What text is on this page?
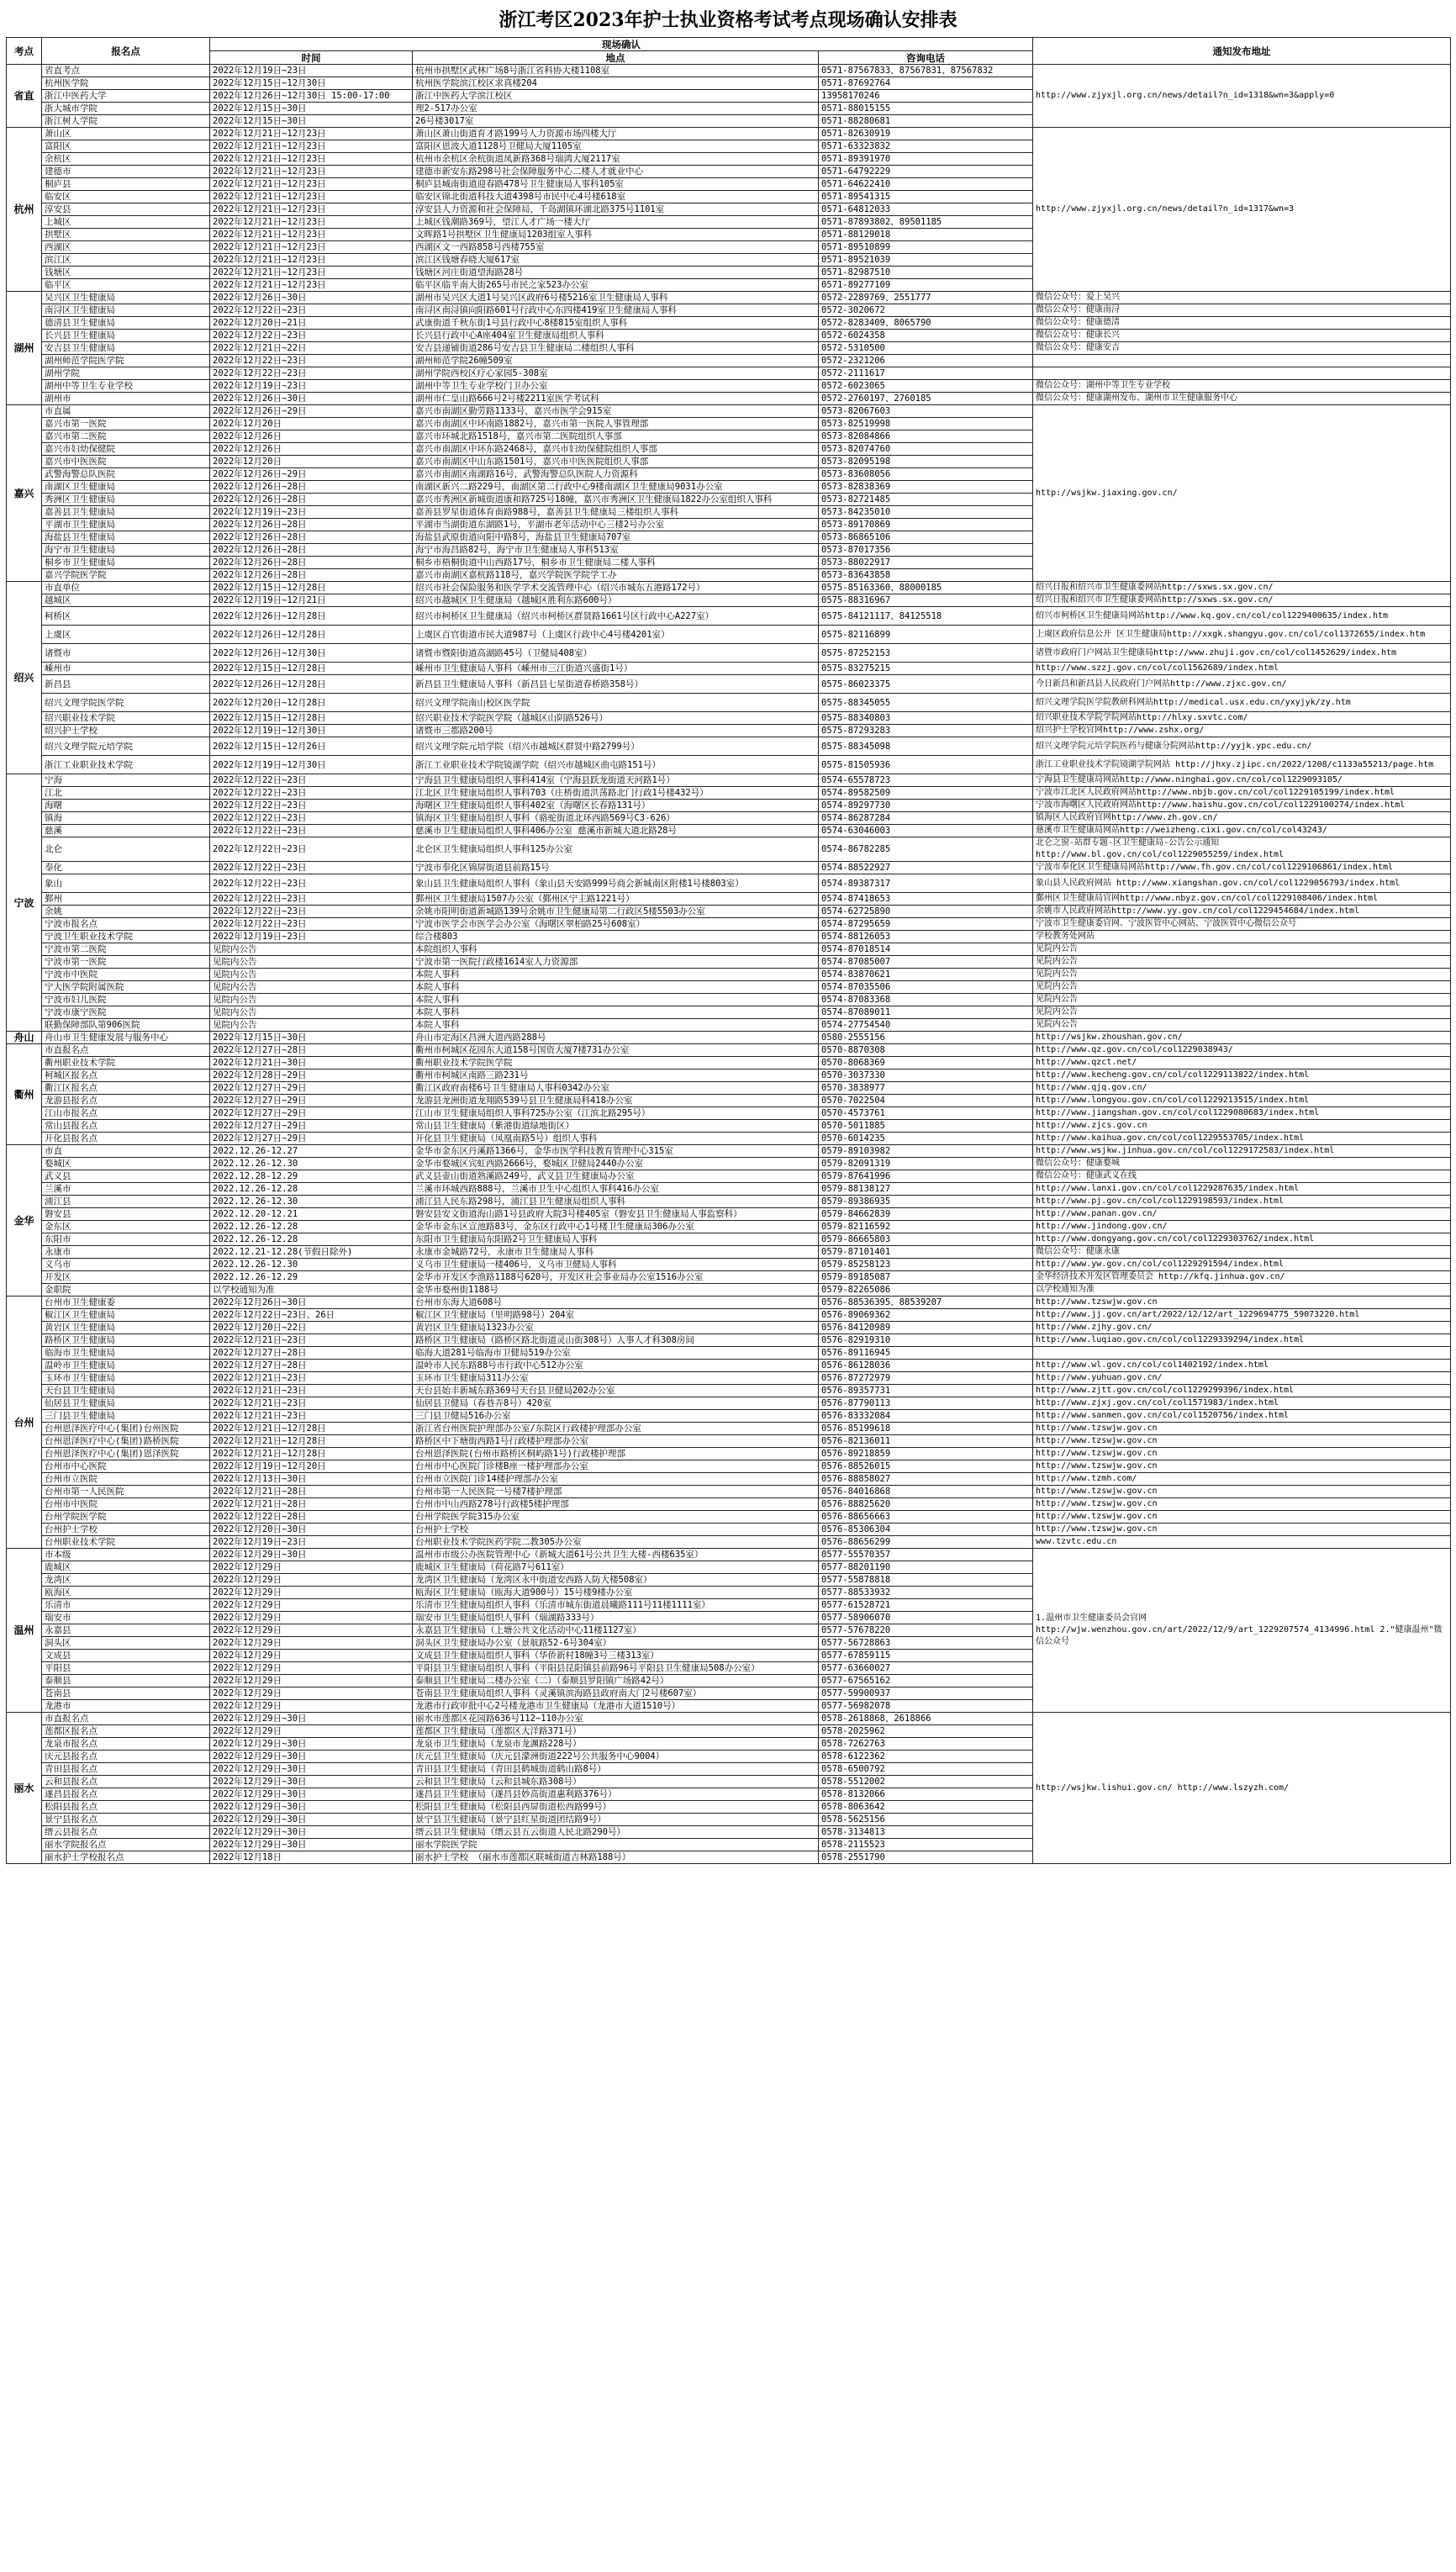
浙江考区2023年护士执业资格考试考点现场确认安排表
考点	报名点	现场确认			通知发布地址
		时间	地点	咨询电话	
省直	省直考点	2022年12月19日~23日	杭州市拱墅区武林广场8号浙江省科协大楼1108室	0571-87567833、87567831、87567832	http://www.zjyxjl.org.cn/news/detail?n_id=1318&wn=3&apply=0
	杭州医学院	2022年12月15日~12月30日	杭州医学院滨江校区求真楼204	0571-87692764	
	浙江中医药大学	2022年12月26日~12月30日 15:00-17:00	浙江中医药大学滨江校区	13958170246	
	浙大城市学院	2022年12月15日~30日	理2-517办公室	0571-88015155	
	浙江树人学院	2022年12月15日~30日	26号楼3017室	0571-88280681	
杭州	萧山区	2022年12月21日~12月23日	萧山区萧山街道育才路199号人力资源市场四楼大厅	0571-82630919	http://www.zjyxjl.org.cn/news/detail?n_id=1317&wn=3
	富阳区	2022年12月21日~12月23日	富阳区恩波大道1128号卫健局大厦1105室	0571-63323832	
	余杭区	2022年12月21日~12月23日	杭州市余杭区余杭街道凤新路368号瑞鸿大厦2117室	0571-89391970	
	建德市	2022年12月21日~12月23日	建德市新安东路298号社会保障服务中心二楼人才就业中心	0571-64792229	
	桐庐县	2022年12月21日~12月23日	桐庐县城南街道迎春路478号卫生健康局人事科105室	0571-64622410	
	临安区	2022年12月21日~12月23日	临安区锦北街道科技大道4398号市民中心4号楼618室	0571-89541315	
	淳安县	2022年12月21日~12月23日	淳安县人力资源和社会保障局，千岛湖镇环湖北路375号1101室	0571-64812033	
	上城区	2022年12月21日~12月23日	上城区钱潮路369号，望江人才广场一楼大厅	0571-87893802、89501185	
	拱墅区	2022年12月21日~12月23日	文晖路1号拱墅区卫生健康局1203组室人事科	0571-88129018	
	西湖区	2022年12月21日~12月23日	西湖区文一西路858号西楼755室	0571-89510899	
	滨江区	2022年12月21日~12月23日	滨江区钱塘春晓大厦617室	0571-89521039	
	钱塘区	2022年12月21日~12月23日	钱塘区河庄街道望海路28号	0571-82987510	
	临平区	2022年12月21日~12月23日	临平区临平南大街265号市民之家523办公室	0571-89277109	
湖州	吴兴区卫生健康局	2022年12月26日~30日	湖州市吴兴区大道1号吴兴区政府6号楼5216室卫生健康局人事科	0572-2289769、2551777	微信公众号：爱上吴兴
	南浔区卫生健康局	2022年12月22日~23日	南浔区南浔镇向阳路601号行政中心东四楼419室卫生健康局人事科	0572-3020672	微信公众号：健康南浔
	德清县卫生健康局	2022年12月20日~21日	武康街道千秋东街1号县行政中心8楼815室组织人事科	0572-8283409、8065790	微信公众号：健康德清
	长兴县卫生健康局	2022年12月22日~23日	长兴县行政中心A座404室卫生健康局组织人事科	0572-6024358	微信公众号：健康长兴
	安吉县卫生健康局	2022年12月21日~22日	安吉县递铺街道286号安吉县卫生健康局二楼组织人事科	0572-5310500	微信公众号：健康安吉
	湖州师范学院医学院	2022年12月22日~23日	湖州师范学院26幢509室	0572-2321206	
	湖州学院	2022年12月22日~23日	湖州学院西校区疗心家园5-308室	0572-2111617	
	湖州中等卫生专业学校	2022年12月19日~23日	湖州中等卫生专业学校门卫办公室	0572-6023065	微信公众号：湖州中等卫生专业学校
	湖州市	2022年12月26日~30日	湖州市仁皇山路666号2号楼2211室医学考试科	0572-2760197、2760185	微信公众号：健康湖州发布、湖州市卫生健康服务中心
嘉兴	市直属	2022年12月26日~29日	嘉兴市南湖区勤劳路1133号，嘉兴市医学会915室	0573-82067603	http://wsjkw.jiaxing.gov.cn/
	嘉兴市第一医院	2022年12月20日	嘉兴市南湖区中环南路1882号，嘉兴市第一医院人事管理部	0573-82519998	
	嘉兴市第二医院	2022年12月26日	嘉兴市环城北路1518号，嘉兴市第二医院组织人事部	0573-82084866	
	嘉兴市妇幼保健院	2022年12月26日	嘉兴市南湖区中环东路2468号，嘉兴市妇幼保健院组织人事部	0573-82074760	
	嘉兴市中医医院	2022年12月20日	嘉兴市南湖区中山东路1501号，嘉兴市中医医院组织人事部	0573-82095198	
	武警海警总队医院	2022年12月26日~29日	嘉兴市南湖区南湖路16号，武警海警总队医院人力资源科	0573-83608056	
	南湖区卫生健康局	2022年12月26日~28日	南湖区新兴二路229号，南湖区第二行政中心9楼南湖区卫生健康局9031办公室	0573-82838369	
	秀洲区卫生健康局	2022年12月26日~28日	嘉兴市秀洲区新城街道康和路725号18幢，嘉兴市秀洲区卫生健康局1822办公室组织人事科	0573-82721485	
	嘉善县卫生健康局	2022年12月19日~23日	嘉善县罗星街道体育南路988号，嘉善县卫生健康局三楼组织人事科	0573-84235010	
	平湖市卫生健康局	2022年12月26日~28日	平湖市当湖街道东湖路1号，平湖市老年活动中心三楼2号办公室	0573-89170869	
	海盐县卫生健康局	2022年12月26日~28日	海盐县武原街道向阳中路8号，海盐县卫生健康局707室	0573-86865106	
	海宁市卫生健康局	2022年12月26日~28日	海宁市海昌路82号，海宁市卫生健康局人事科513室	0573-87017356	
	桐乡市卫生健康局	2022年12月26日~28日	桐乡市梧桐街道中山西路17号，桐乡市卫生健康局二楼人事科	0573-88022917	
	嘉兴学院医学院	2022年12月26日~28日	嘉兴市南湖区嘉杭路118号，嘉兴学院医学院学工办	0573-83643858	
绍兴	市直单位	2022年12月15日~12月28日	绍兴市社会保险服务和医学学术交流管理中心（绍兴市城东五港路172号）	0575-85163360、88000185	绍兴日报和绍兴市卫生健康委网站http://sxws.sx.gov.cn/
	越城区	2022年12月19日~12月21日	绍兴市越城区卫生健康局（越城区胜利东路600号）	0575-88316967	绍兴日报和绍兴市卫生健康委网站http://sxws.sx.gov.cn/
	柯桥区	2022年12月26日~12月28日	绍兴市柯桥区卫生健康局（绍兴市柯桥区群贤路1661号区行政中心A227室）	0575-84121117、84125518	绍兴市柯桥区卫生健康局网站http://www.kq.gov.cn/col/col1229400635/index.htm
	上虞区	2022年12月26日~12月28日	上虞区百官街道市民大道987号（上虞区行政中心4号楼4201室）	0575-82116899	上虞区政府信息公开 区卫生健康局http://xxgk.shangyu.gov.cn/col/col1372655/index.htm
	诸暨市	2022年12月26日~12月30日	诸暨市暨阳街道高湖路45号（卫健局408室）	0575-87252153	诸暨市政府门户网站卫生健康局http://www.zhuji.gov.cn/col/col1452629/index.htm
	嵊州市	2022年12月15日~12月28日	嵊州市卫生健康局人事科（嵊州市三江街道兴盛街1号）	0575-83275215	http://www.szzj.gov.cn/col/col1562689/index.html
	新昌县	2022年12月26日~12月28日	新昌县卫生健康局人事科（新昌县七星街道春桥路358号）	0575-86023375	今日新昌和新昌县人民政府门户网站http://www.zjxc.gov.cn/
	绍兴文理学院医学院	2022年12月20日~12月28日	绍兴文理学院南山校区医学院	0575-88345055	绍兴文理学院医学院教研科网站http://medical.usx.edu.cn/yxyjyk/zy.htm
	绍兴职业技术学院	2022年12月15日~12月28日	绍兴职业技术学院医学院（越城区山阴路526号）	0575-88340803	绍兴职业技术学院学院网站http://hlxy.sxvtc.com/
	绍兴护士学校	2022年12月19日~12月30日	诸暨市三都路200号	0575-87293283	绍兴护士学校官网http://www.zshx.org/
	绍兴文理学院元培学院	2022年12月15日~12月26日	绍兴文理学院元培学院（绍兴市越城区群贤中路2799号）	0575-88345098	绍兴文理学院元培学院医药与健康分院网站http://yyjk.ypc.edu.cn/
	浙江工业职业技术学院	2022年12月19日~12月30日	浙江工业职业技术学院镜湖学院（绍兴市越城区曲屯路151号）	0575-81505936	浙江工业职业技术学院镜湖学院网站 http://jhxy.zjipc.cn/2022/1208/c1133a55213/page.htm
宁波	宁海	2022年12月22日~23日	宁海县卫生健康局组织人事科414室（宁海县跃龙街道天河路1号）	0574-65578723	宁海县卫生健康局网站http://www.ninghai.gov.cn/col/col1229093105/
	江北	2022年12月22日~23日	江北区卫生健康局组织人事科703（庄桥街道洪荡路北门行政1号楼432号）	0574-89582509	宁波市江北区人民政府网站http://www.nbjb.gov.cn/col/col1229105199/index.html
	海曙	2022年12月22日~23日	海曙区卫生健康局组织人事科402室（海曙区长春路131号）	0574-89297730	宁波市海曙区人民政府网站http://www.haishu.gov.cn/col/col1229100274/index.html
	镇海	2022年12月22日~23日	镇海区卫生健康局组织人事科（骆驼街道北环西路569号C3-626）	0574-86287284	镇海区人民政府官网http://www.zh.gov.cn/
	慈溪	2022年12月22日~23日	慈溪市卫生健康局组织人事科406办公室 慈溪市新城大道北路28号	0574-63046003	慈溪市卫生健康局网站http://weizheng.cixi.gov.cn/col/col43243/
	北仑	2022年12月22日~23日	北仑区卫生健康局组织人事科125办公室	0574-86782285	北仑之窗-站群专题-区卫生健康局-公告公示通知 http://www.bl.gov.cn/col/col1229055259/index.html
	奉化	2022年12月22日~23日	宁波市奉化区锦屏街道县前路15号	0574-88522927	宁波市奉化区卫生健康局网站http://www.fh.gov.cn/col/col1229106861/index.html
	象山	2022年12月22日~23日	象山县卫生健康局组织人事科（象山县天安路999号商会新城南区附楼1号楼803室）	0574-89387317	象山县人民政府网站 http://www.xiangshan.gov.cn/col/col1229056793/index.html
	鄞州	2022年12月22日~23日	鄞州区卫生健康局1507办公室（鄞州区宁主路1221号）	0574-87418653	鄞州区卫生健康局官网http://www.nbyz.gov.cn/col/col1229108406/index.html
	余姚	2022年12月22日~23日	余姚市阳明街道新城路139号余姚市卫生健康局第二行政区5楼5503办公室	0574-62725890	余姚市人民政府网站http://www.yy.gov.cn/col/col1229454684/index.html
	宁波市报名点	2022年12月22日~23日	宁波市医学会市医学会办公室（海曙区翠柏路25号608室）	0574-87295659	宁波市卫生健康委官网、宁波医管中心网站、宁波医管中心微信公众号
	宁波卫生职业技术学院	2022年12月19日~23日	综合楼803	0574-88126053	学校教务处网站
	宁波市第二医院	见院内公告	本院组织人事科	0574-87018514	见院内公告
	宁波市第一医院	见院内公告	宁波市第一医院行政楼1614室人力资源部	0574-87085007	见院内公告
	宁波市中医院	见院内公告	本院人事科	0574-83870621	见院内公告
	宁大医学院附属医院	见院内公告	本院人事科	0574-87035506	见院内公告
	宁波市妇儿医院	见院内公告	本院人事科	0574-87083368	见院内公告
	宁波市康宁医院	见院内公告	本院人事科	0574-87089011	见院内公告
	联勤保障部队第906医院	见院内公告	本院人事科	0574-27754540	见院内公告
舟山	舟山市卫生健康发展与服务中心	2022年12月15日~30日	舟山市定海区昌洲大道西路288号	0580-2555156	http://wsjkw.zhoushan.gov.cn/
衢州	市直报名点	2022年12月27日~28日	衢州市柯城区花园东大道158号国资大厦7楼731办公室	0570-8870308	http://www.qz.gov.cn/col/col1229038943/
	衢州职业技术学院	2022年12月21日~30日	衢州职业技术学院医学院	0570-8068369	http://www.qzct.net/
	柯城区报名点	2022年12月28日~29日	衢州市柯城区南路三路231号	0570-3037330	http://www.kecheng.gov.cn/col/col1229113822/index.html
	衢江区报名点	2022年12月27日~29日	衢江区政府南楼6号卫生健康局人事科0342办公室	0570-3838977	http://www.qjq.gov.cn/
	龙游县报名点	2022年12月27日~29日	龙游县龙洲街道龙翔路539号县卫生健康局科418办公室	0570-7022504	http://www.longyou.gov.cn/col/col1229213515/index.html
	江山市报名点	2022年12月27日~29日	江山市卫生健康局组织人事科725办公室（江滨北路295号）	0570-4573761	http://www.jiangshan.gov.cn/col/col1229080683/index.html
	常山县报名点	2022年12月27日~29日	常山县卫生健康局（紫港街道绿地街区）	0570-5011885	http://www.zjcs.gov.cn
	开化县报名点	2022年12月27日~29日	开化县卫生健康局（凤凰南路5号）组织人事科	0570-6014235	http://www.kaihua.gov.cn/col/col1229553705/index.html
金华	市直	2022.12.26-12.27	金华市金东区丹溪路1366号，金华市医学科技教育管理中心315室	0579-89103982	http://www.wsjkw.jinhua.gov.cn/col/col1229172583/index.html
	婺城区	2022.12.26-12.30	金华市婺城区宾虹西路2666号，婺城区卫健局2440办公室	0579-82091319	微信公众号：健康婺城
	武义县	2022.12.28-12.29	武义县壶山街道熟溪路249号，武义县卫生健康局办公室	0579-87641996	微信公众号：健康武义在线
	兰溪市	2022.12.26-12.28	兰溪市环城西路888号，兰溪市卫生中心组织人事科416办公室	0579-88138127	http://www.lanxi.gov.cn/col/col1229287635/index.html
	浦江县	2022.12.26-12.30	浦江县人民东路298号，浦江县卫生健康局组织人事科	0579-89386935	http://www.pj.gov.cn/col/col1229198593/index.html
	磐安县	2022.12.20-12.21	磐安县安文街道海山路1号县政府大院3号楼405室（磐安县卫生健康局人事监察科）	0579-84662839	http://www.panan.gov.cn/
	金东区	2022.12.26-12.28	金华市金东区宣池路83号，金东区行政中心1号楼卫生健康局306办公室	0579-82116592	http://www.jindong.gov.cn/
	东阳市	2022.12.26-12.28	东阳市卫生健康局东阳路2号卫生健康局人事科	0579-86665803	http://www.dongyang.gov.cn/col/col1229303762/index.html
	永康市	2022.12.21-12.28(节假日除外)	永康市金城路72号，永康市卫生健康局人事科	0579-87101401	微信公众号：健康永康
	义乌市	2022.12.26-12.30	义乌市卫生健康局一楼406号，义乌市卫健局人事科	0579-85258123	http://www.yw.gov.cn/col/col1229291594/index.html
	开发区	2022.12.26-12.29	金华市开发区李渔路1188号620号，开发区社会事业局办公室1516办公室	0579-89185087	金华经济技术开发区管理委员会 http://kfq.jinhua.gov.cn/
	金职院	以学校通知为准	金华市婺州街1188号	0579-82265086	以学校通知为准
台州	台州市卫生健康委	2022年12月26日~30日	台州市东海大道608号	0576-88536395、88539207	http://www.tzswjw.gov.cn
	椒江区卫生健康局	2022年12月22日~23日、26日	椒江区卫生健康局（里明路98号）204室	0576-89069362	http://www.jj.gov.cn/art/2022/12/12/art_1229694775_59073220.html
	黄岩区卫生健康局	2022年12月20日~22日	黄岩区卫生健康局1323办公室	0576-84120989	http://www.zjhy.gov.cn/
	路桥区卫生健康局	2022年12月21日~23日	路桥区卫生健康局（路桥区路北街道灵山街308号）人事人才科308房间	0576-82919310	http://www.luqiao.gov.cn/col/col1229339294/index.html
	临海市卫生健康局	2022年12月27日~28日	临海大道281号临海市卫健局519办公室	0576-89116945	
	温岭市卫生健康局	2022年12月27日~28日	温岭市人民东路88号市行政中心512办公室	0576-86128036	http://www.wl.gov.cn/col/col1402192/index.html
	玉环市卫生健康局	2022年12月21日~23日	玉环市卫生健康局311办公室	0576-87272979	http://www.yuhuan.gov.cn/
	天台县卫生健康局	2022年12月21日~23日	天台县始丰新城东路369号天台县卫健局202办公室	0576-89357731	http://www.zjtt.gov.cn/col/col1229299396/index.html
	仙居县卫生健康局	2022年12月21日~23日	仙居县卫健局（春巷弄8号）420室	0576-87790113	http://www.zjxj.gov.cn/col/col1571983/index.html
	三门县卫生健康局	2022年12月21日~23日	三门县卫健局516办公室	0576-83332084	http://www.sanmen.gov.cn/col/col1520756/index.html
	台州恩泽医疗中心(集团)台州医院	2022年12月21日~12月28日	浙江省台州医院护理部办公室/东院区行政楼护理部办公室	0576-85199618	http://www.tzswjw.gov.cn
	台州恩泽医疗中心(集团)路桥医院	2022年12月21日~12月28日	路桥区中下塘街西路1号行政楼护理部办公室	0576-82136011	http://www.tzswjw.gov.cn
	台州恩泽医疗中心(集团)恩泽医院	2022年12月21日~12月28日	台州恩泽医院(台州市路桥区桐屿路1号)行政楼护理部	0576-89218859	http://www.tzswjw.gov.cn
	台州市中心医院	2022年12月19日~12月20日	台州市中心医院门诊楼B座一楼护理部办公室	0576-88526015	http://www.tzswjw.gov.cn
	台州市立医院	2022年12月13日~30日	台州市立医院门诊14楼护理部办公室	0576-88858027	http://www.tzmh.com/
	台州市第一人民医院	2022年12月21日~28日	台州市第一人民医院一号楼7楼护理部	0576-84016868	http://www.tzswjw.gov.cn
	台州市中医院	2022年12月21日~28日	台州市中山西路278号行政楼5楼护理部	0576-88825620	http://www.tzswjw.gov.cn
	台州学院医学院	2022年12月22日~28日	台州学院医学院315办公室	0576-88656663	http://www.tzswjw.gov.cn
	台州护士学校	2022年12月20日~30日	台州护士学校	0576-85306304	http://www.tzswjw.gov.cn
	台州职业技术学院	2022年12月19日~23日	台州职业技术学院医药学院二教305办公室	0576-88656299	www.tzvtc.edu.cn
温州	市本级	2022年12月29日~30日	温州市市级公办医院管理中心（新城大道61号公共卫生大楼-西楼635室）	0577-55570357	1.温州市卫生健康委员会官网 http://wjw.wenzhou.gov.cn/art/2022/12/9/art_1229207574_4134996.html 2."健康温州"微信公众号
	鹿城区	2022年12月29日	鹿城区卫生健康局（荷花路7号611室）	0577-88201190	
	龙湾区	2022年12月29日	龙湾区卫生健康局（龙湾区永中街道安西路人防大楼508室）	0577-55878818	
	瓯海区	2022年12月29日	瓯海区卫生健康局（瓯海大道900号）15号楼9楼办公室	0577-88533932	
	乐清市	2022年12月29日	乐清市卫生健康局组织人事科（乐清市城东街道晨曦路111号11楼1111室）	0577-61528721	
	瑞安市	2022年12月29日	瑞安市卫生健康局组织人事科（瑞湖路333号）	0577-58906070	
	永嘉县	2022年12月29日	永嘉县卫生健康局（上塘公共文化活动中心11楼1127室）	0577-57678220	
	洞头区	2022年12月29日	洞头区卫生健康局办公室（景航路52-6号304室）	0577-56728863	
	文成县	2022年12月29日	文成县卫生健康局组织人事科（华侨新村18幢3号三楼313室）	0577-67859115	
	平阳县	2022年12月29日	平阳县卫生健康局组织人事科（平阳县昆阳镇县前路96号平阳县卫生健康局508办公室）	0577-63660027	
	泰顺县	2022年12月29日	泰顺县卫生健康局二楼办公室（二）（泰顺县罗阳镇广场路42号）	0577-67565162	
	苍南县	2022年12月29日	苍南县卫生健康局组织人事科（灵溪镇滨海路县政府南大门2号楼607室）	0577-59900937	
	龙港市	2022年12月29日	龙港市行政审批中心2号楼龙港市卫生健康局（龙港市大道1510号）	0577-56982078	
丽水	市直报名点	2022年12月29日~30日	丽水市莲都区花园路636号112~110办公室	0578-2618868、2618866	http://wsjkw.lishui.gov.cn/ http://www.lszyzh.com/
	莲都区报名点	2022年12月29日	莲都区卫生健康局（莲都区大洋路371号）	0578-2025962	
	龙泉市报名点	2022年12月29日~30日	龙泉市卫生健康局（龙泉市龙渊路228号）	0578-7262763	
	庆元县报名点	2022年12月29日~30日	庆元县卫生健康局（庆元县濛洲街道222号公共服务中心9004）	0578-6122362	
	青田县报名点	2022年12月29日~30日	青田县卫生健康局（青田县鹤城街道鹤山路8号）	0578-6500792	
	云和县报名点	2022年12月29日~30日	云和县卫生健康局（云和县城东路308号）	0578-5512002	
	遂昌县报名点	2022年12月29日~30日	遂昌县卫生健康局（遂昌县妙高街道惠利路376号）	0578-8132066	
	松阳县报名点	2022年12月29日~30日	松阳县卫生健康局（松阳县西屏街道松西路99号）	0578-8063642	
	景宁县报名点	2022年12月29日~30日	景宁县卫生健康局（景宁县红星街道团结路9号）	0578-5625156	
	缙云县报名点	2022年12月29日~30日	缙云县卫生健康局（缙云县五云街道人民北路290号）	0578-3134813	
	丽水学院报名点	2022年12月29日~30日	丽水学院医学院	0578-2115523	
	丽水护士学校报名点	2022年12月18日	丽水护士学校 （丽水市莲都区联城街道吉林路188号）	0578-2551790	
